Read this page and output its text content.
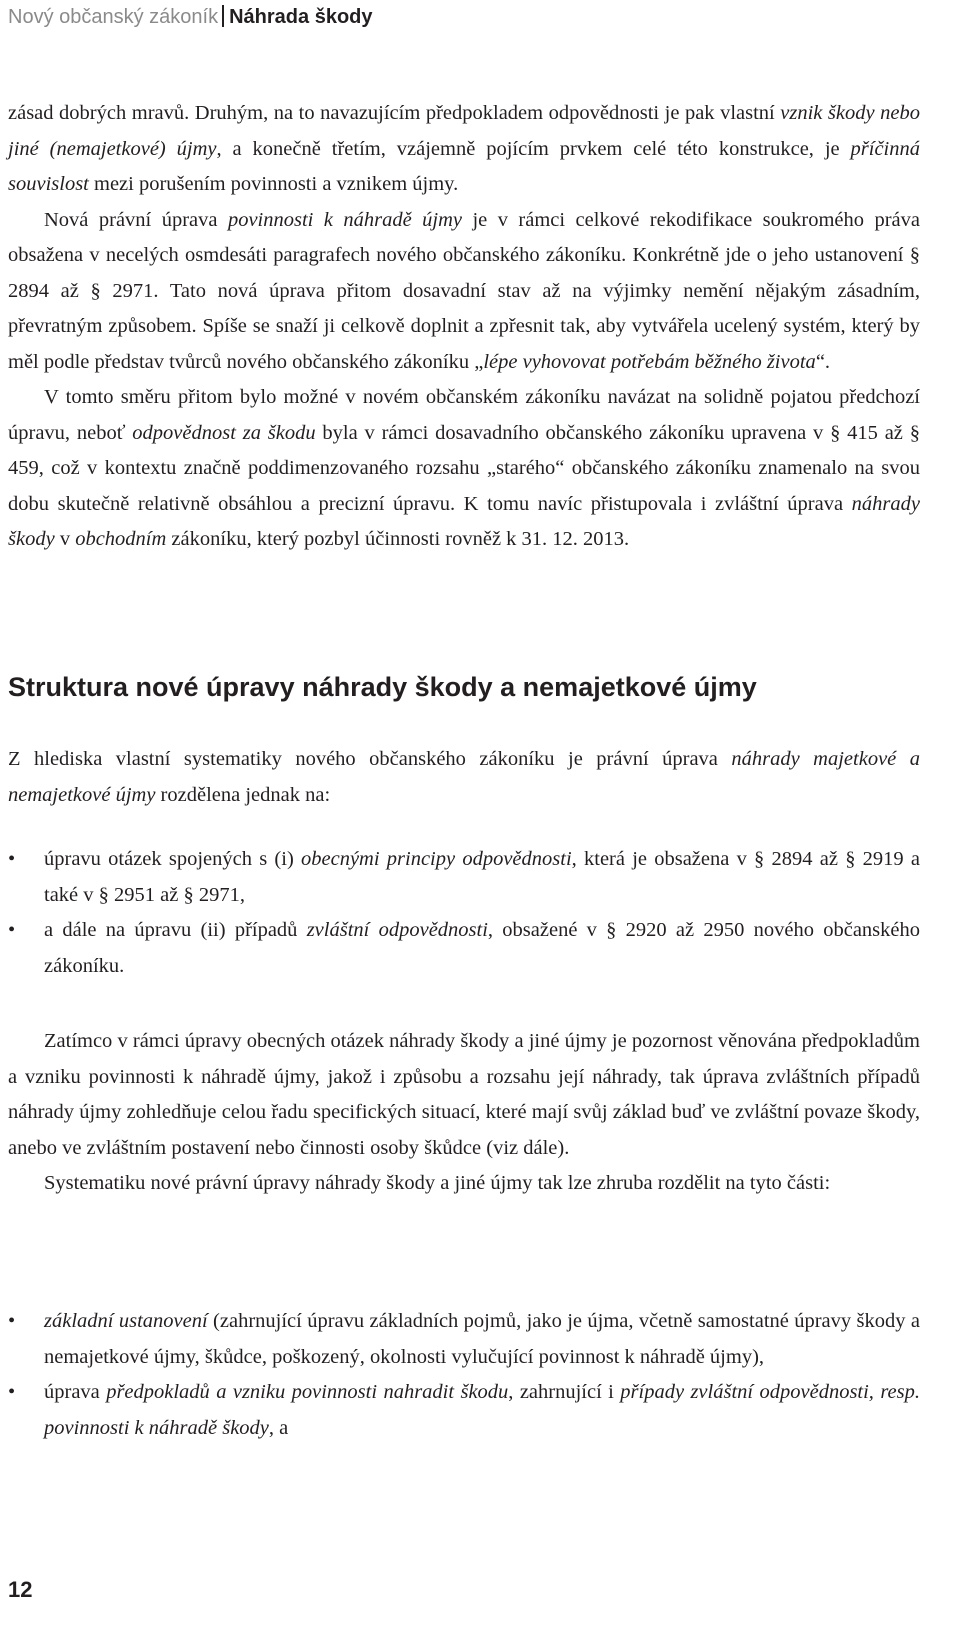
Nový občanský zákoník Náhrada škody

zásad dobrých mravů. Druhým, na to navazujícím předpokladem odpovědnosti je pak vlastní vznik škody nebo jiné (nemajetkové) újmy, a konečně třetím, vzájemně pojícím prvkem celé této konstrukce, je příčinná souvislost mezi porušením povinnosti a vznikem újmy.

Nová právní úprava povinnosti k náhradě újmy je v rámci celkové rekodifikace soukromého práva obsažena v necelých osmdesáti paragrafech nového občanského zákoníku. Konkrétně jde o jeho ustanovení § 2894 až § 2971. Tato nová úprava přitom dosavadní stav až na výjimky nemění nějakým zásadním, převratným způsobem. Spíše se snaží ji celkově doplnit a zpřesnit tak, aby vytvářela ucelený systém, který by měl podle představ tvůrců nového občanského zákoníku „lépe vyhovovat potřebám běžného života“.

V tomto směru přitom bylo možné v novém občanském zákoníku navázat na solidně pojatou předchozí úpravu, neboť odpovědnost za škodu byla v rámci dosavadního občanského zákoníku upravena v § 415 až § 459, což v kontextu značně poddimenzovaného rozsahu „starého“ občanského zákoníku znamenalo na svou dobu skutečně relativně obsáhlou a precizní úpravu. K tomu navíc přistupovala i zvláštní úprava náhrady škody v obchodním zákoníku, který pozbyl účinnosti rovněž k 31. 12. 2013.

Struktura nové úpravy náhrady škody a nemajetkové újmy

Z hlediska vlastní systematiky nového občanského zákoníku je právní úprava náhrady majetkové a nemajetkové újmy rozdělena jednak na:

• úpravu otázek spojených s (i) obecnými principy odpovědnosti, která je obsažena v § 2894 až § 2919 a také v § 2951 až § 2971,
• a dále na úpravu (ii) případů zvláštní odpovědnosti, obsažené v § 2920 až 2950 nového občanského zákoníku.

Zatímco v rámci úpravy obecných otázek náhrady škody a jiné újmy je pozornost věnována předpokladům a vzniku povinnosti k náhradě újmy, jakož i způsobu a rozsahu její náhrady, tak úprava zvláštních případů náhrady újmy zohledňuje celou řadu specifických situací, které mají svůj základ buď ve zvláštní povaze škody, anebo ve zvláštním postavení nebo činnosti osoby škůdce (viz dále).

Systematiku nové právní úpravy náhrady škody a jiné újmy tak lze zhruba rozdělit na tyto části:

• základní ustanovení (zahrnující úpravu základních pojmů, jako je újma, včetně samostatné úpravy škody a nemajetkové újmy, škůdce, poškozený, okolnosti vylučující povinnost k náhradě újmy),
• úprava předpokladů a vzniku povinnosti nahradit škodu, zahrnující i případy zvláštní odpovědnosti, resp. povinnosti k náhradě škody, a
12
